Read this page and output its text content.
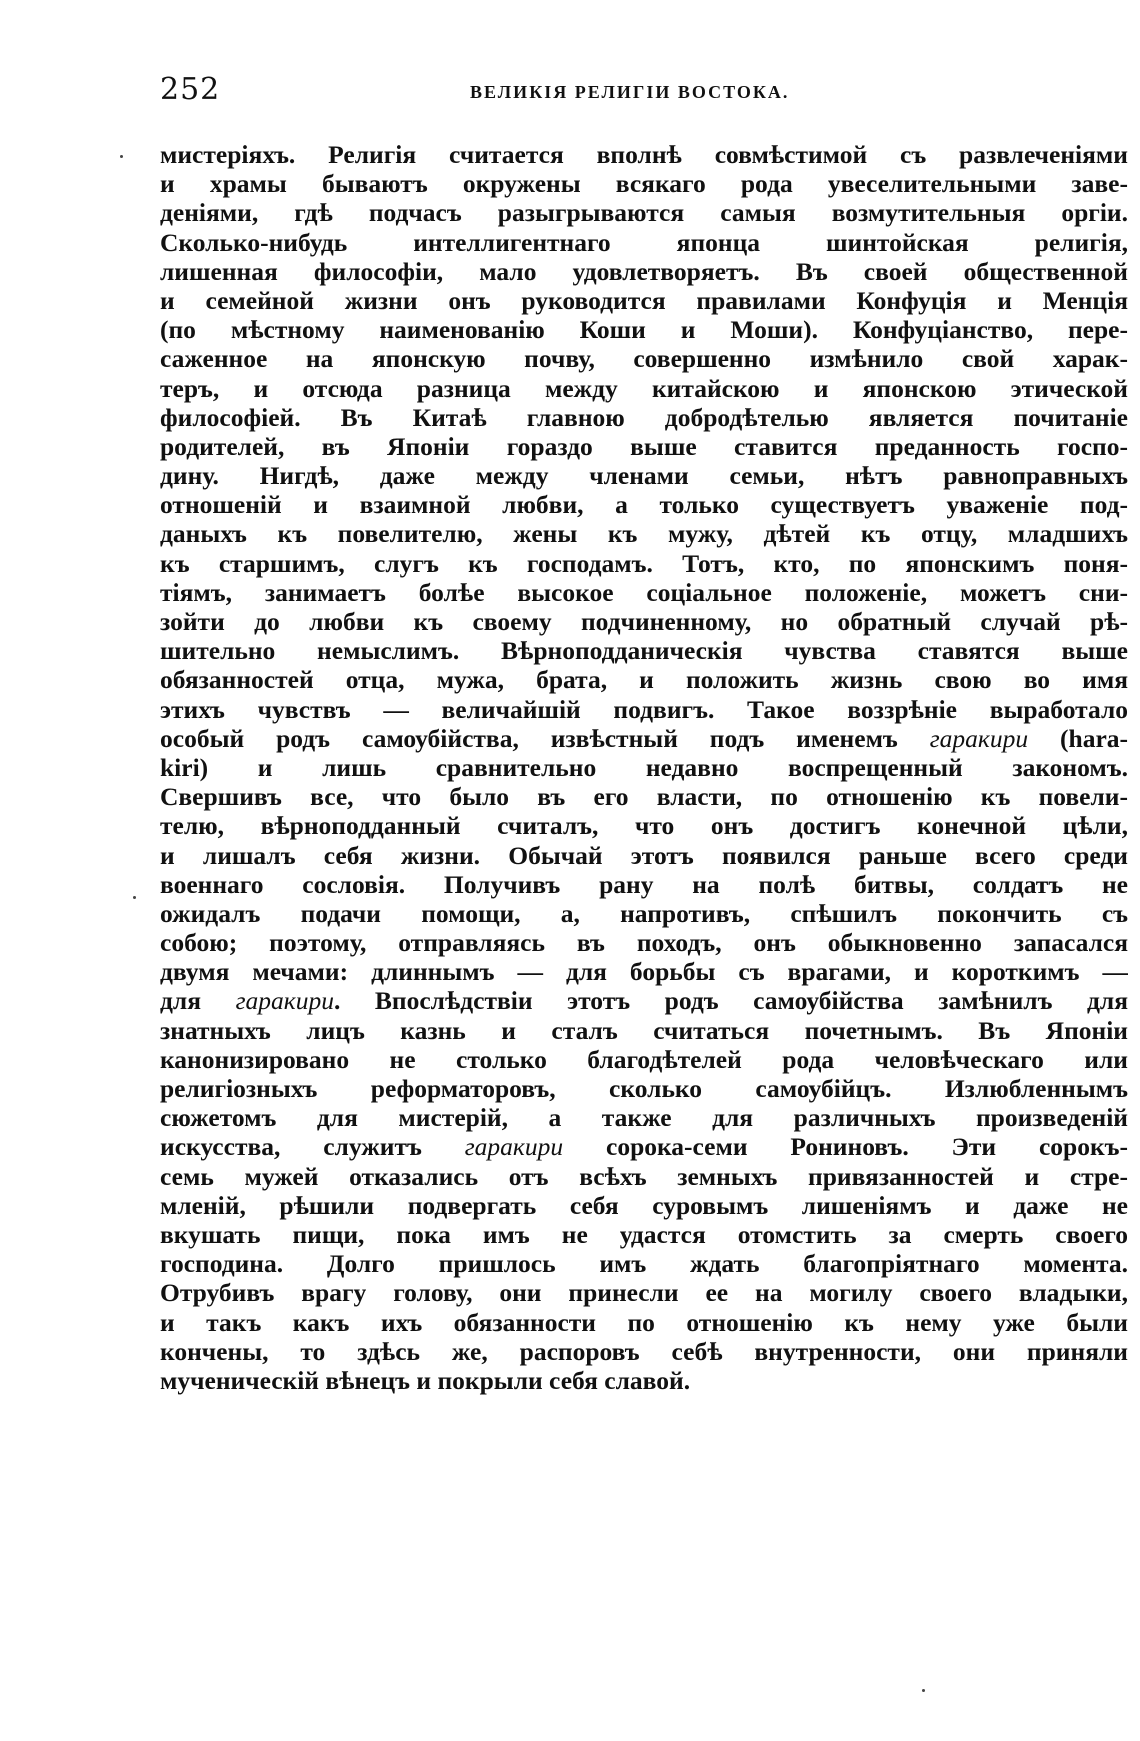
252	ВЕЛИКІЯ РЕЛИГІИ ВОСТОКА.
мистеріяхъ. Религія считается вполнѣ совмѣстимой съ развлеченіями
и храмы бываютъ окружены всякаго рода увеселительными заве-
деніями, гдѣ подчасъ разыгрываются самыя возмутительныя оргіи.
Сколько-нибудь интеллигентнаго японца шинтойская религія,
лишенная философіи, мало удовлетворяетъ. Въ своей общественной
и семейной жизни онъ руководится правилами Конфуція и Менція
(по мѣстному наименованію Коши и Моши). Конфуціанство, пере-
саженное на японскую почву, совершенно измѣнило свой харак-
теръ, и отсюда разница между китайскою и японскою этической
философіей. Въ Китаѣ главною добродѣтелью является почитаніе
родителей, въ Японіи гораздо выше ставится преданность госпо-
дину. Нигдѣ, даже между членами семьи, нѣтъ равноправныхъ
отношеній и взаимной любви, а только существуетъ уваженіе под-
даныхъ къ повелителю, жены къ мужу, дѣтей къ отцу, младшихъ
къ старшимъ, слугъ къ господамъ. Тотъ, кто, по японскимъ поня-
тіямъ, занимаетъ болѣе высокое соціальное положеніе, можетъ сни-
зойти до любви къ своему подчиненному, но обратный случай рѣ-
шительно немыслимъ. Вѣрноподданическія чувства ставятся выше
обязанностей отца, мужа, брата, и положить жизнь свою во имя
этихъ чувствъ — величайшій подвигъ. Такое воззрѣніе выработало
особый родъ самоубійства, извѣстный подъ именемъ гаракири (hara-
kiri) и лишь сравнительно недавно воспрещенный закономъ.
Свершивъ все, что было въ его власти, по отношенію къ повели-
телю, вѣрноподданный считалъ, что онъ достигъ конечной цѣли,
и лишалъ себя жизни. Обычай этотъ появился раньше всего среди
военнаго сословія. Получивъ рану на полѣ битвы, солдатъ не
ожидалъ подачи помощи, а, напротивъ, спѣшилъ покончить съ
собою; поэтому, отправляясь въ походъ, онъ обыкновенно запасался
двумя мечами: длиннымъ — для борьбы съ врагами, и короткимъ —
для гаракири. Впослѣдствіи этотъ родъ самоубійства замѣнилъ для
знатныхъ лицъ казнь и сталъ считаться почетнымъ. Въ Японіи
канонизировано не столько благодѣтелей рода человѣческаго или
религіозныхъ реформаторовъ, сколько самоубійцъ. Излюбленнымъ
сюжетомъ для мистерій, а также для различныхъ произведеній
искусства, служитъ гаракири сорока-семи Рониновъ. Эти сорокъ-
семь мужей отказались отъ всѣхъ земныхъ привязанностей и стре-
мленій, рѣшили подвергать себя суровымъ лишеніямъ и даже не
вкушать пищи, пока имъ не удастся отомстить за смерть своего
господина. Долго пришлось имъ ждать благопріятнаго момента.
Отрубивъ врагу голову, они принесли ее на могилу своего владыки,
и такъ какъ ихъ обязанности по отношенію къ нему уже были
кончены, то здѣсь же, распоровъ себѣ внутренности, они приняли
мученическій вѣнецъ и покрыли себя славой.
